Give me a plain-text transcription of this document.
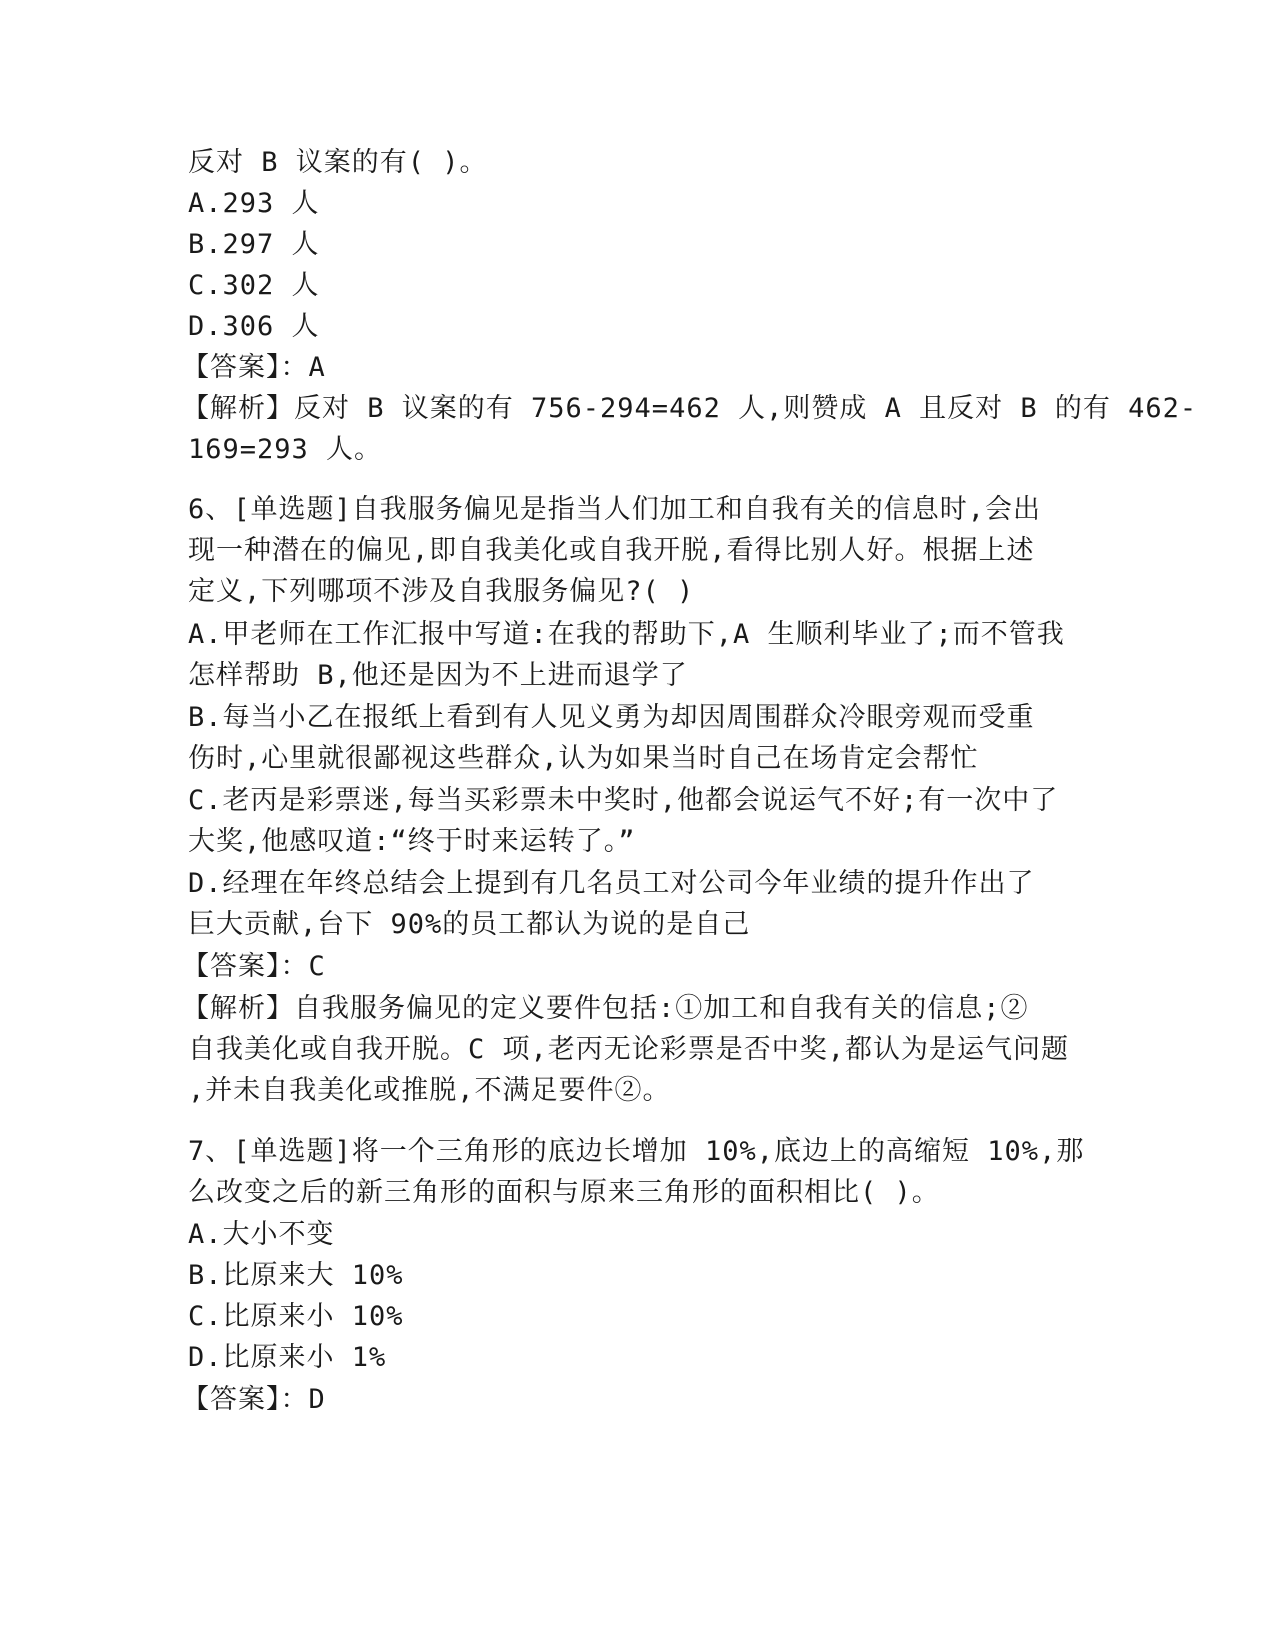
反对 B 议案的有( )。
A.293 人
B.297 人
C.302 人
D.306 人
【答案】：A
【解析】反对 B 议案的有 756-294=462 人,则赞成 A 且反对 B 的有 462-
169=293 人。
6、[单选题]自我服务偏见是指当人们加工和自我有关的信息时,会出
现一种潜在的偏见,即自我美化或自我开脱,看得比别人好。根据上述
定义,下列哪项不涉及自我服务偏见?( )
A.甲老师在工作汇报中写道:在我的帮助下,A 生顺利毕业了;而不管我
怎样帮助 B,他还是因为不上进而退学了
B.每当小乙在报纸上看到有人见义勇为却因周围群众冷眼旁观而受重
伤时,心里就很鄙视这些群众,认为如果当时自己在场肯定会帮忙
C.老丙是彩票迷,每当买彩票未中奖时,他都会说运气不好;有一次中了
大奖,他感叹道:“终于时来运转了。”
D.经理在年终总结会上提到有几名员工对公司今年业绩的提升作出了
巨大贡献,台下 90%的员工都认为说的是自己
【答案】：C
【解析】自我服务偏见的定义要件包括:①加工和自我有关的信息;②
自我美化或自我开脱。C 项,老丙无论彩票是否中奖,都认为是运气问题
,并未自我美化或推脱,不满足要件②。
7、[单选题]将一个三角形的底边长增加 10%,底边上的高缩短 10%,那
么改变之后的新三角形的面积与原来三角形的面积相比( )。
A.大小不变
B.比原来大 10%
C.比原来小 10%
D.比原来小 1%
【答案】：D
